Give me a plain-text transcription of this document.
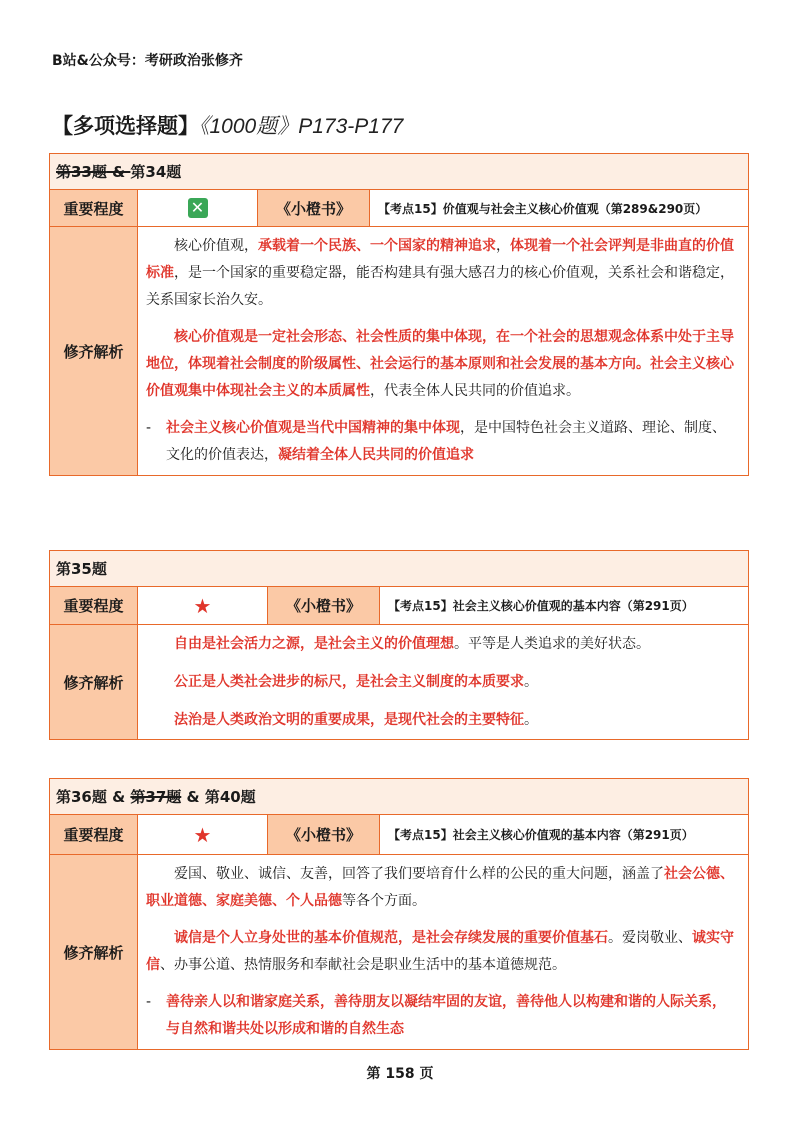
B站&公众号：考研政治张修齐
【多项选择题】《1000题》P173-P177
第33题 & 第34题			
重要程度	✕	《小橙书》	【考点15】价值观与社会主义核心价值观（第289&290页）
修齐解析	核心价值观，承载着一个民族、一个国家的精神追求，体现着一个社会评判是非曲直的价值标准，是一个国家的重要稳定器，能否构建具有强大感召力的核心价值观，关系社会和谐稳定，关系国家长治久安。
核心价值观是一定社会形态、社会性质的集中体现，在一个社会的思想观念体系中处于主导地位，体现着社会制度的阶级属性、社会运行的基本原则和社会发展的基本方向。社会主义核心价值观集中体现社会主义的本质属性，代表全体人民共同的价值追求。
- 社会主义核心价值观是当代中国精神的集中体现，是中国特色社会主义道路、理论、制度、文化的价值表达，凝结着全体人民共同的价值追求		
第35题			
重要程度	★	《小橙书》	【考点15】社会主义核心价值观的基本内容（第291页）
修齐解析	自由是社会活力之源，是社会主义的价值理想。平等是人类追求的美好状态。
公正是人类社会进步的标尺，是社会主义制度的本质要求。
法治是人类政治文明的重要成果，是现代社会的主要特征。		
第36题 & 第37题 & 第40题			
重要程度	★	《小橙书》	【考点15】社会主义核心价值观的基本内容（第291页）
修齐解析	爱国、敬业、诚信、友善，回答了我们要培育什么样的公民的重大问题，涵盖了社会公德、职业道德、家庭美德、个人品德等各个方面。
诚信是个人立身处世的基本价值规范，是社会存续发展的重要价值基石。爱岗敬业、诚实守信、办事公道、热情服务和奉献社会是职业生活中的基本道德规范。
- 善待亲人以和谐家庭关系，善待朋友以凝结牢固的友谊，善待他人以构建和谐的人际关系，与自然和谐共处以形成和谐的自然生态		
第 158 页
